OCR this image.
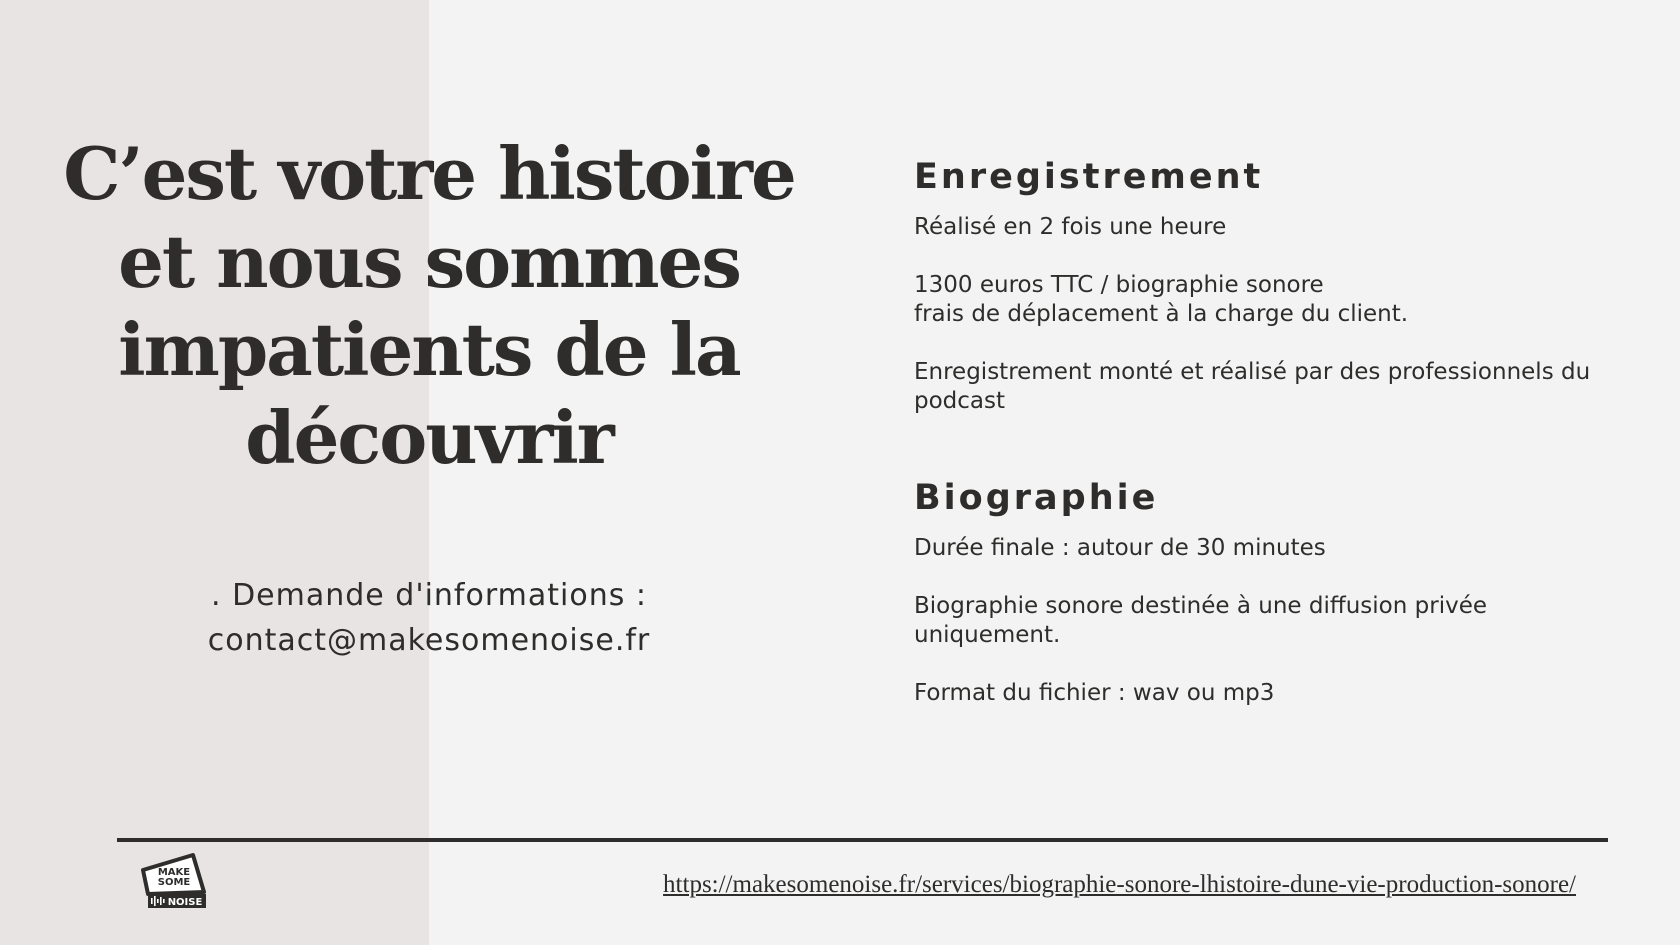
C’est votre histoire et nous sommes impatients de la découvrir
. Demande d'informations :
contact@makesomenoise.fr
Enregistrement

Réalisé en 2 fois une heure

1300 euros TTC / biographie sonore
frais de déplacement à la charge du client.

Enregistrement monté et réalisé par des professionnels du podcast

Biographie

Durée finale : autour de 30 minutes

Biographie sonore destinée à une diffusion privée uniquement.

Format du fichier : wav ou mp3

MAKE
SOME
NOISE
https://makesomenoise.fr/services/biographie-sonore-lhistoire-dune-vie-production-sonore/
